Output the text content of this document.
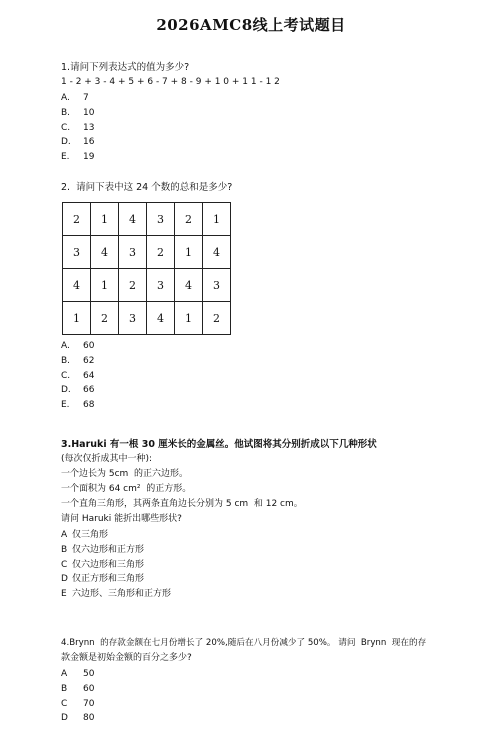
2026AMC8线上考试题目
1.请问下列表达式的值为多少?
1 - 2 + 3 - 4 + 5 + 6 - 7 + 8 - 9 + 1 0 + 1 1 - 1 2
A.	7
B.	10
C.	13
D.	16
E.	19
2.  请问下表中这 24 个数的总和是多少?
2	1	4	3	2	1
3	4	3	2	1	4
4	1	2	3	4	3
1	2	3	4	1	2
A.	60
B.	62
C.	64
D.	66
E.	68
3.Haruki 有一根 30 厘米长的金属丝。他试图将其分别折成以下几种形状
(每次仅折成其中一种):
一个边长为 5cm  的正六边形。
一个面积为 64 cm²  的正方形。
一个直角三角形，其两条直角边长分别为 5 cm  和 12 cm。
请问 Haruki 能折出哪些形状?
A 仅三角形
B 仅六边形和正方形
C 仅六边形和三角形
D 仅正方形和三角形
E 六边形、三角形和正方形
4.Brynn  的存款金额在七月份增长了 20%,随后在八月份减少了 50%。 请问  Brynn  现在的存
款金额是初始金额的百分之多少?
A	50
B	60
C	70
D	80
